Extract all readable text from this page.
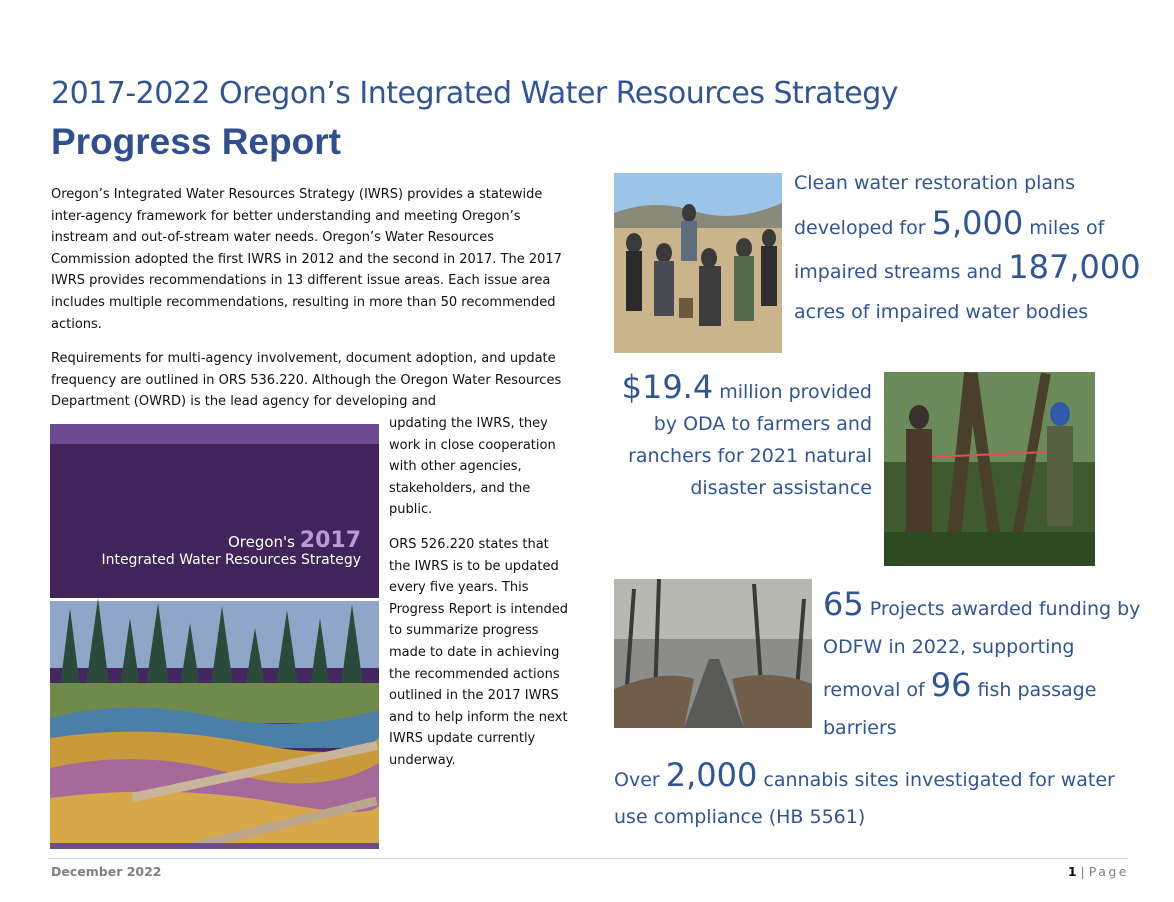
2017-2022 Oregon’s Integrated Water Resources Strategy
Progress Report

Oregon’s Integrated Water Resources Strategy (IWRS) provides a statewide inter-agency framework for better understanding and meeting Oregon’s instream and out-of-stream water needs. Oregon’s Water Resources Commission adopted the first IWRS in 2012 and the second in 2017. The 2017 IWRS provides recommendations in 13 different issue areas. Each issue area includes multiple recommendations, resulting in more than 50 recommended actions.

Requirements for multi-agency involvement, document adoption, and update frequency are outlined in ORS 536.220. Although the Oregon Water Resources Department (OWRD) is the lead agency for developing and

updating the IWRS, they work in close cooperation with other agencies, stakeholders, and the public.

ORS 526.220 states that the IWRS is to be updated every five years. This Progress Report is intended to summarize progress made to date in achieving the recommended actions outlined in the 2017 IWRS and to help inform the next IWRS update currently underway.

Oregon's 2017
Integrated Water Resources Strategy
Clean water restoration plans developed for 5,000 miles of impaired streams and 187,000 acres of impaired water bodies
$19.4 million provided by ODA to farmers and ranchers for 2021 natural disaster assistance
65 Projects awarded funding by ODFW in 2022, supporting removal of 96 fish passage barriers
Over 2,000 cannabis sites investigated for water use compliance (HB 5561)
December 2022	1 | Page
